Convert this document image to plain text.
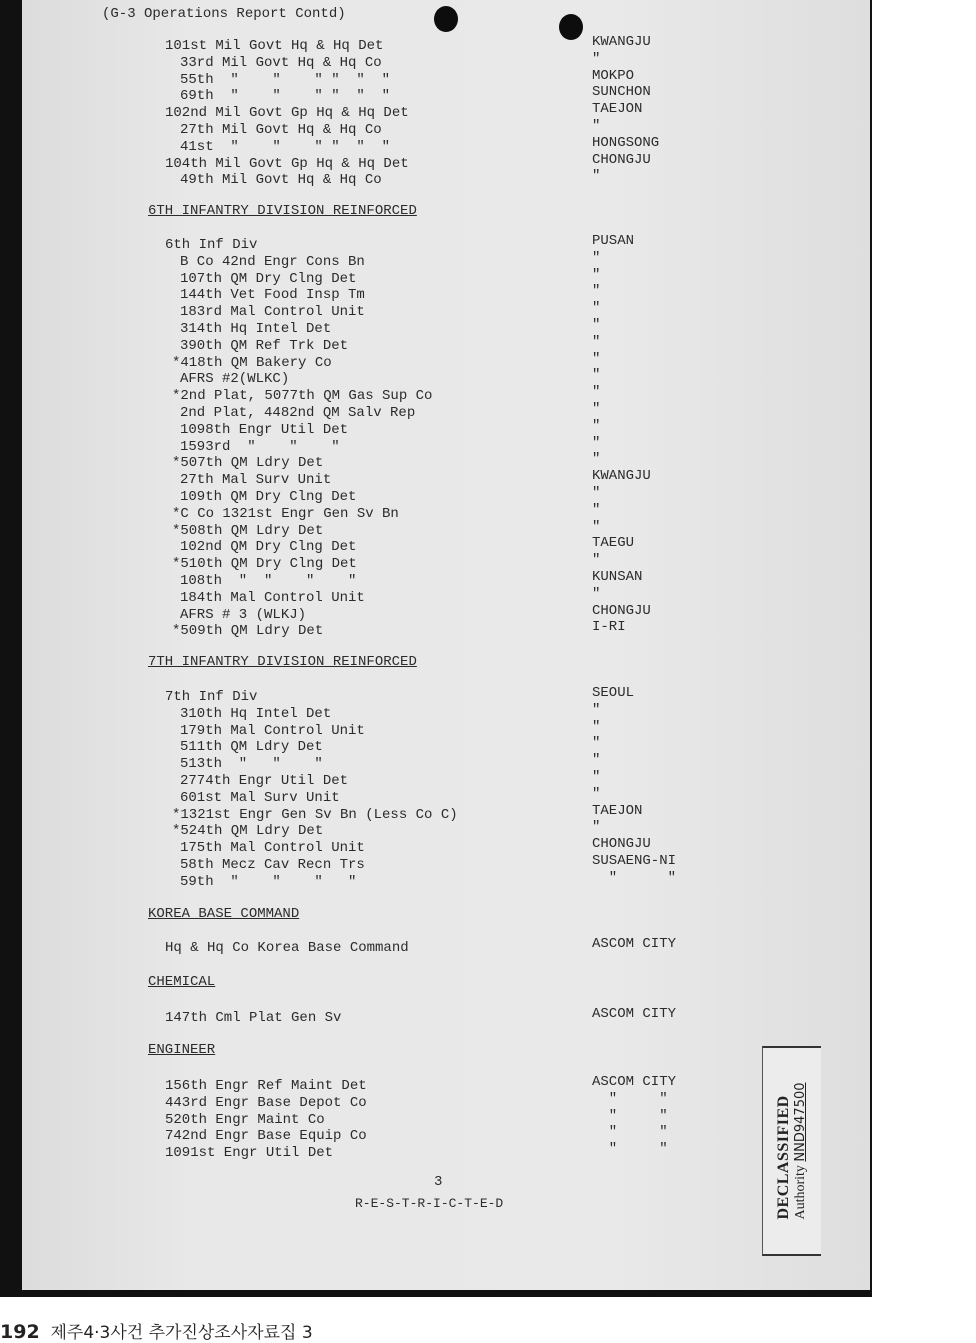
(G-3 Operations Report Contd)
101st Mil Govt Hq & Hq Det	KWANGJU
33rd Mil Govt Hq & Hq Co	"
55th  "    "    " "  "  "	MOKPO
69th  "    "    " "  "  "	SUNCHON
102nd Mil Govt Gp Hq & Hq Det	TAEJON
27th Mil Govt Hq & Hq Co	"
41st  "    "    " "  "  "	HONGSONG
104th Mil Govt Gp Hq & Hq Det	CHONGJU
49th Mil Govt Hq & Hq Co	"
6TH INFANTRY DIVISION REINFORCED
6th Inf Div	PUSAN
B Co 42nd Engr Cons Bn	"
107th QM Dry Clng Det	"
144th Vet Food Insp Tm	"
183rd Mal Control Unit	"
314th Hq Intel Det	"
390th QM Ref Trk Det	"
*418th QM Bakery Co	"
AFRS #2(WLKC)	"
*2nd Plat, 5077th QM Gas Sup Co	"
2nd Plat, 4482nd QM Salv Rep	"
1098th Engr Util Det	"
1593rd  "    "    "	"
*507th QM Ldry Det	"
27th Mal Surv Unit	KWANGJU
109th QM Dry Clng Det	"
*C Co 1321st Engr Gen Sv Bn	"
*508th QM Ldry Det	"
102nd QM Dry Clng Det	TAEGU
*510th QM Dry Clng Det	"
108th  "  "    "    "	KUNSAN
184th Mal Control Unit	"
AFRS # 3 (WLKJ)	CHONGJU
*509th QM Ldry Det	I-RI
7TH INFANTRY DIVISION REINFORCED
7th Inf Div	SEOUL
310th Hq Intel Det	"
179th Mal Control Unit	"
511th QM Ldry Det	"
513th  "   "    "	"
2774th Engr Util Det	"
601st Mal Surv Unit	"
*1321st Engr Gen Sv Bn (Less Co C)	TAEJON
*524th QM Ldry Det	"
175th Mal Control Unit	CHONGJU
58th Mecz Cav Recn Trs	SUSAENG-NI
59th  "    "    "   "	"      "
KOREA BASE COMMAND
Hq & Hq Co Korea Base Command	ASCOM CITY
CHEMICAL
147th Cml Plat Gen Sv	ASCOM CITY
ENGINEER
156th Engr Ref Maint Det	ASCOM CITY
443rd Engr Base Depot Co	"     "
520th Engr Maint Co	"     "
742nd Engr Base Equip Co	"     "
1091st Engr Util Det	"     "
3
R-E-S-T-R-I-C-T-E-D	DECLASSIFIED Authority NND947500
192 제주4·3사건 추가진상조사자료집 3
